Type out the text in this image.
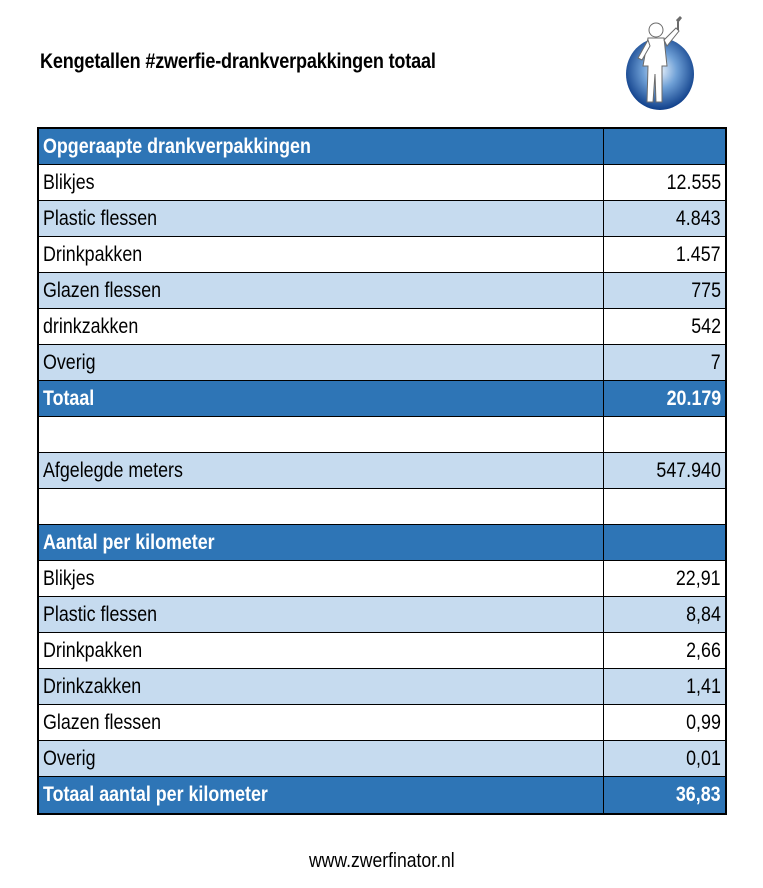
Kengetallen #zwerfie-drankverpakkingen totaal
Opgeraapte drankverpakkingen
Blikjes	12.555
Plastic flessen	4.843
Drinkpakken	1.457
Glazen flessen	775
drinkzakken	542
Overig	7
Totaal	20.179
Afgelegde meters	547.940
Aantal per kilometer
Blikjes	22,91
Plastic flessen	8,84
Drinkpakken	2,66
Drinkzakken	1,41
Glazen flessen	0,99
Overig	0,01
Totaal aantal per kilometer	36,83
www.zwerfinator.nl
